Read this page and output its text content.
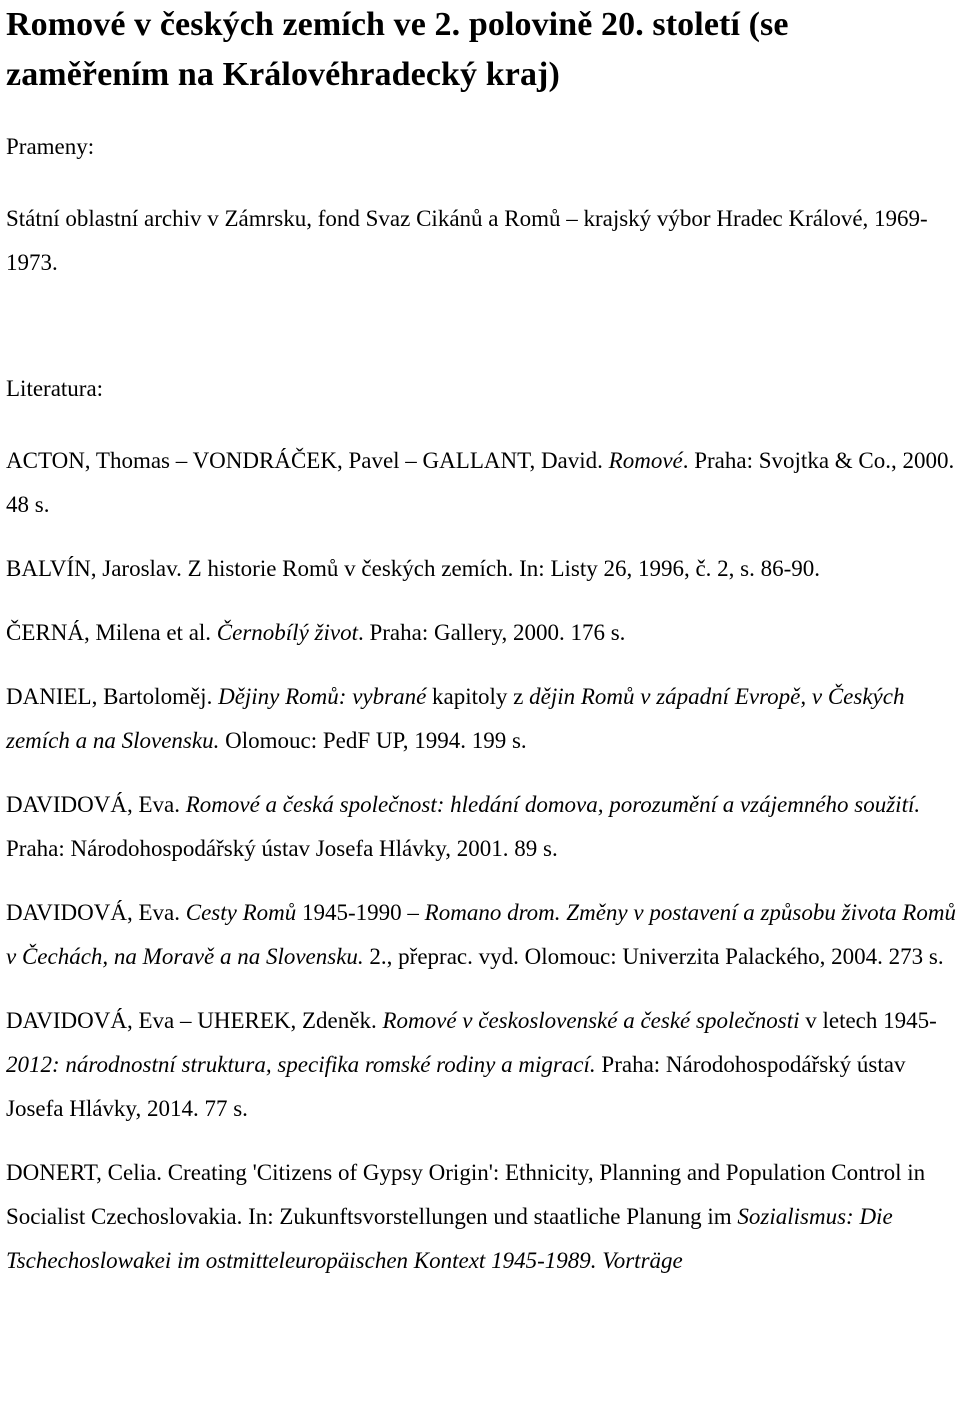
Romové v českých zemích ve 2. polovině 20. století (se zaměřením na Královéhradecký kraj)

Prameny:

Státní oblastní archiv v Zámrsku, fond Svaz Cikánů a Romů – krajský výbor Hradec Králové, 1969-1973.

Literatura:

ACTON, Thomas – VONDRÁČEK, Pavel – GALLANT, David. Romové. Praha: Svojtka & Co., 2000. 48 s.

BALVÍN, Jaroslav. Z historie Romů v českých zemích. In: Listy 26, 1996, č. 2, s. 86-90.

ČERNÁ, Milena et al. Černobílý život. Praha: Gallery, 2000. 176 s.

DANIEL, Bartoloměj. Dějiny Romů: vybrané kapitoly z dějin Romů v západní Evropě, v Českých zemích a na Slovensku. Olomouc: PedF UP, 1994. 199 s.

DAVIDOVÁ, Eva. Romové a česká společnost: hledání domova, porozumění a vzájemného soužití. Praha: Národohospodářský ústav Josefa Hlávky, 2001. 89 s.

DAVIDOVÁ, Eva. Cesty Romů 1945-1990 – Romano drom. Změny v postavení a způsobu života Romů v Čechách, na Moravě a na Slovensku. 2., přeprac. vyd. Olomouc: Univerzita Palackého, 2004. 273 s.

DAVIDOVÁ, Eva – UHEREK, Zdeněk. Romové v československé a české společnosti v letech 1945-2012: národnostní struktura, specifika romské rodiny a migrací. Praha: Národohospodářský ústav Josefa Hlávky, 2014. 77 s.

DONERT, Celia. Creating 'Citizens of Gypsy Origin': Ethnicity, Planning and Population Control in Socialist Czechoslovakia. In: Zukunftsvorstellungen und staatliche Planung im Sozialismus: Die Tschechoslowakei im ostmitteleuropäischen Kontext 1945-1989. Vorträge
